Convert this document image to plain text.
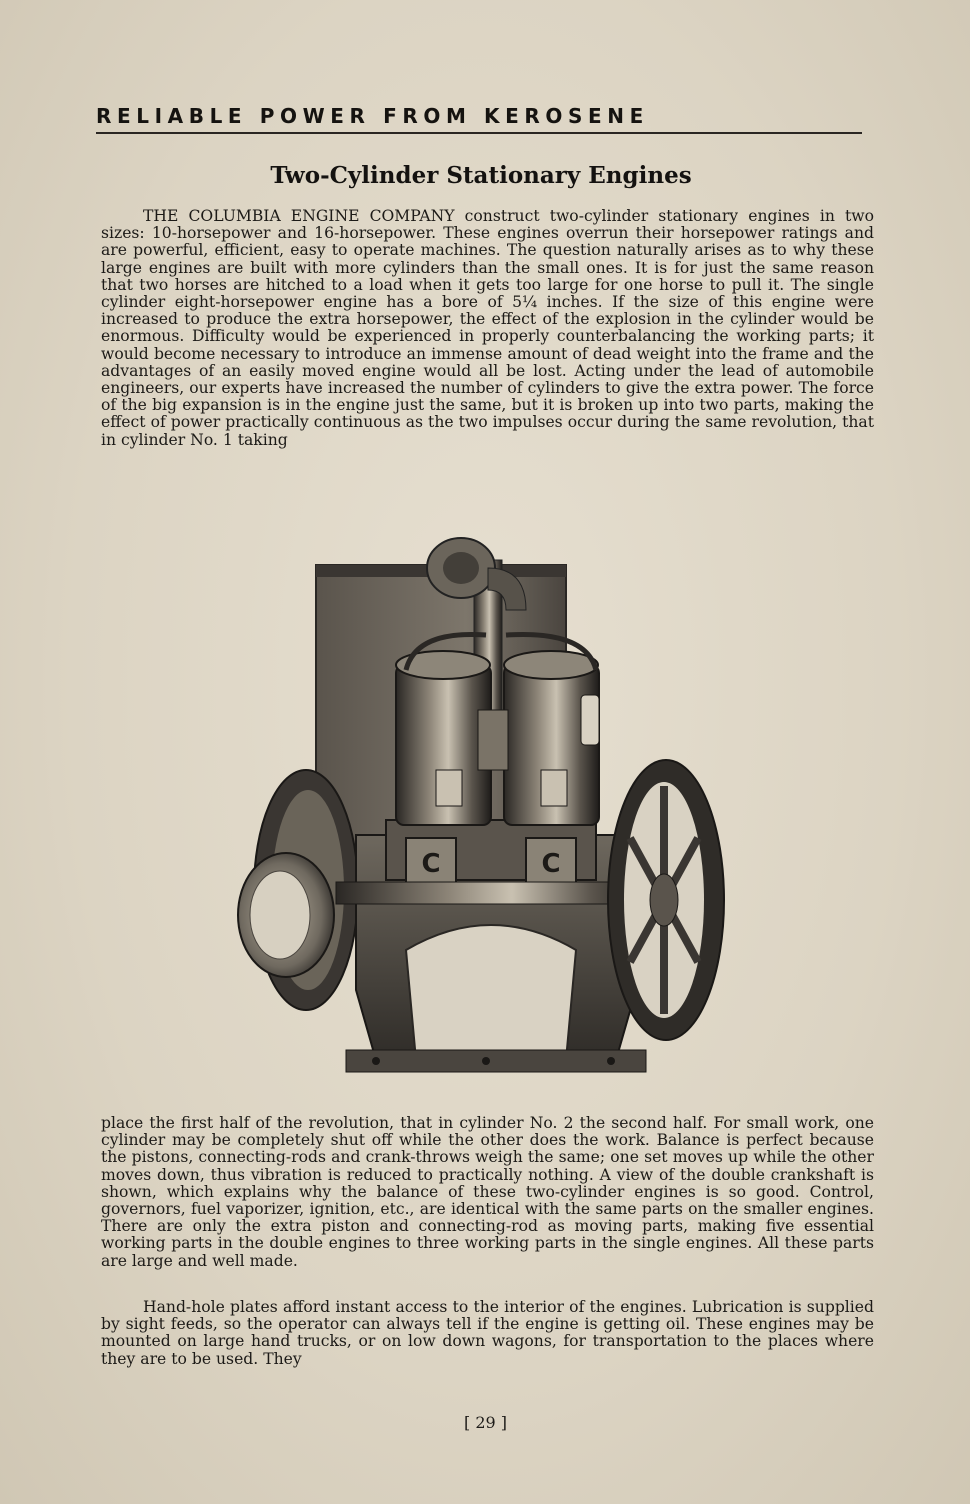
RELIABLE POWER FROM KEROSENE
Two-Cylinder Stationary Engines

THE COLUMBIA ENGINE COMPANY construct two-cylinder stationary engines in two sizes: 10-horsepower and 16-horsepower. These engines overrun their horsepower ratings and are powerful, efficient, easy to operate machines. The question naturally arises as to why these large engines are built with more cylinders than the small ones. It is for just the same reason that two horses are hitched to a load when it gets too large for one horse to pull it. The single cylinder eight-horsepower engine has a bore of 5¼ inches. If the size of this engine were increased to produce the extra horsepower, the effect of the explosion in the cylinder would be enormous. Difficulty would be experienced in properly counterbalancing the working parts; it would become necessary to introduce an immense amount of dead weight into the frame and the advantages of an easily moved engine would all be lost. Acting under the lead of automobile engineers, our experts have increased the number of cylinders to give the extra power. The force of the big expansion is in the engine just the same, but it is broken up into two parts, making the effect of power practically continuous as the two impulses occur during the same revolution, that in cylinder No. 1 taking

C	C

place the first half of the revolution, that in cylinder No. 2 the second half. For small work, one cylinder may be completely shut off while the other does the work. Balance is perfect because the pistons, connecting-rods and crank-throws weigh the same; one set moves up while the other moves down, thus vibration is reduced to practically nothing. A view of the double crankshaft is shown, which explains why the balance of these two-cylinder engines is so good. Control, governors, fuel vaporizer, ignition, etc., are identical with the same parts on the smaller engines. There are only the extra piston and connecting-rod as moving parts, making five essential working parts in the double engines to three working parts in the single engines. All these parts are large and well made.

Hand-hole plates afford instant access to the interior of the engines. Lubrication is supplied by sight feeds, so the operator can always tell if the engine is getting oil. These engines may be mounted on large hand trucks, or on low down wagons, for transportation to the places where they are to be used. They

[ 29 ]
